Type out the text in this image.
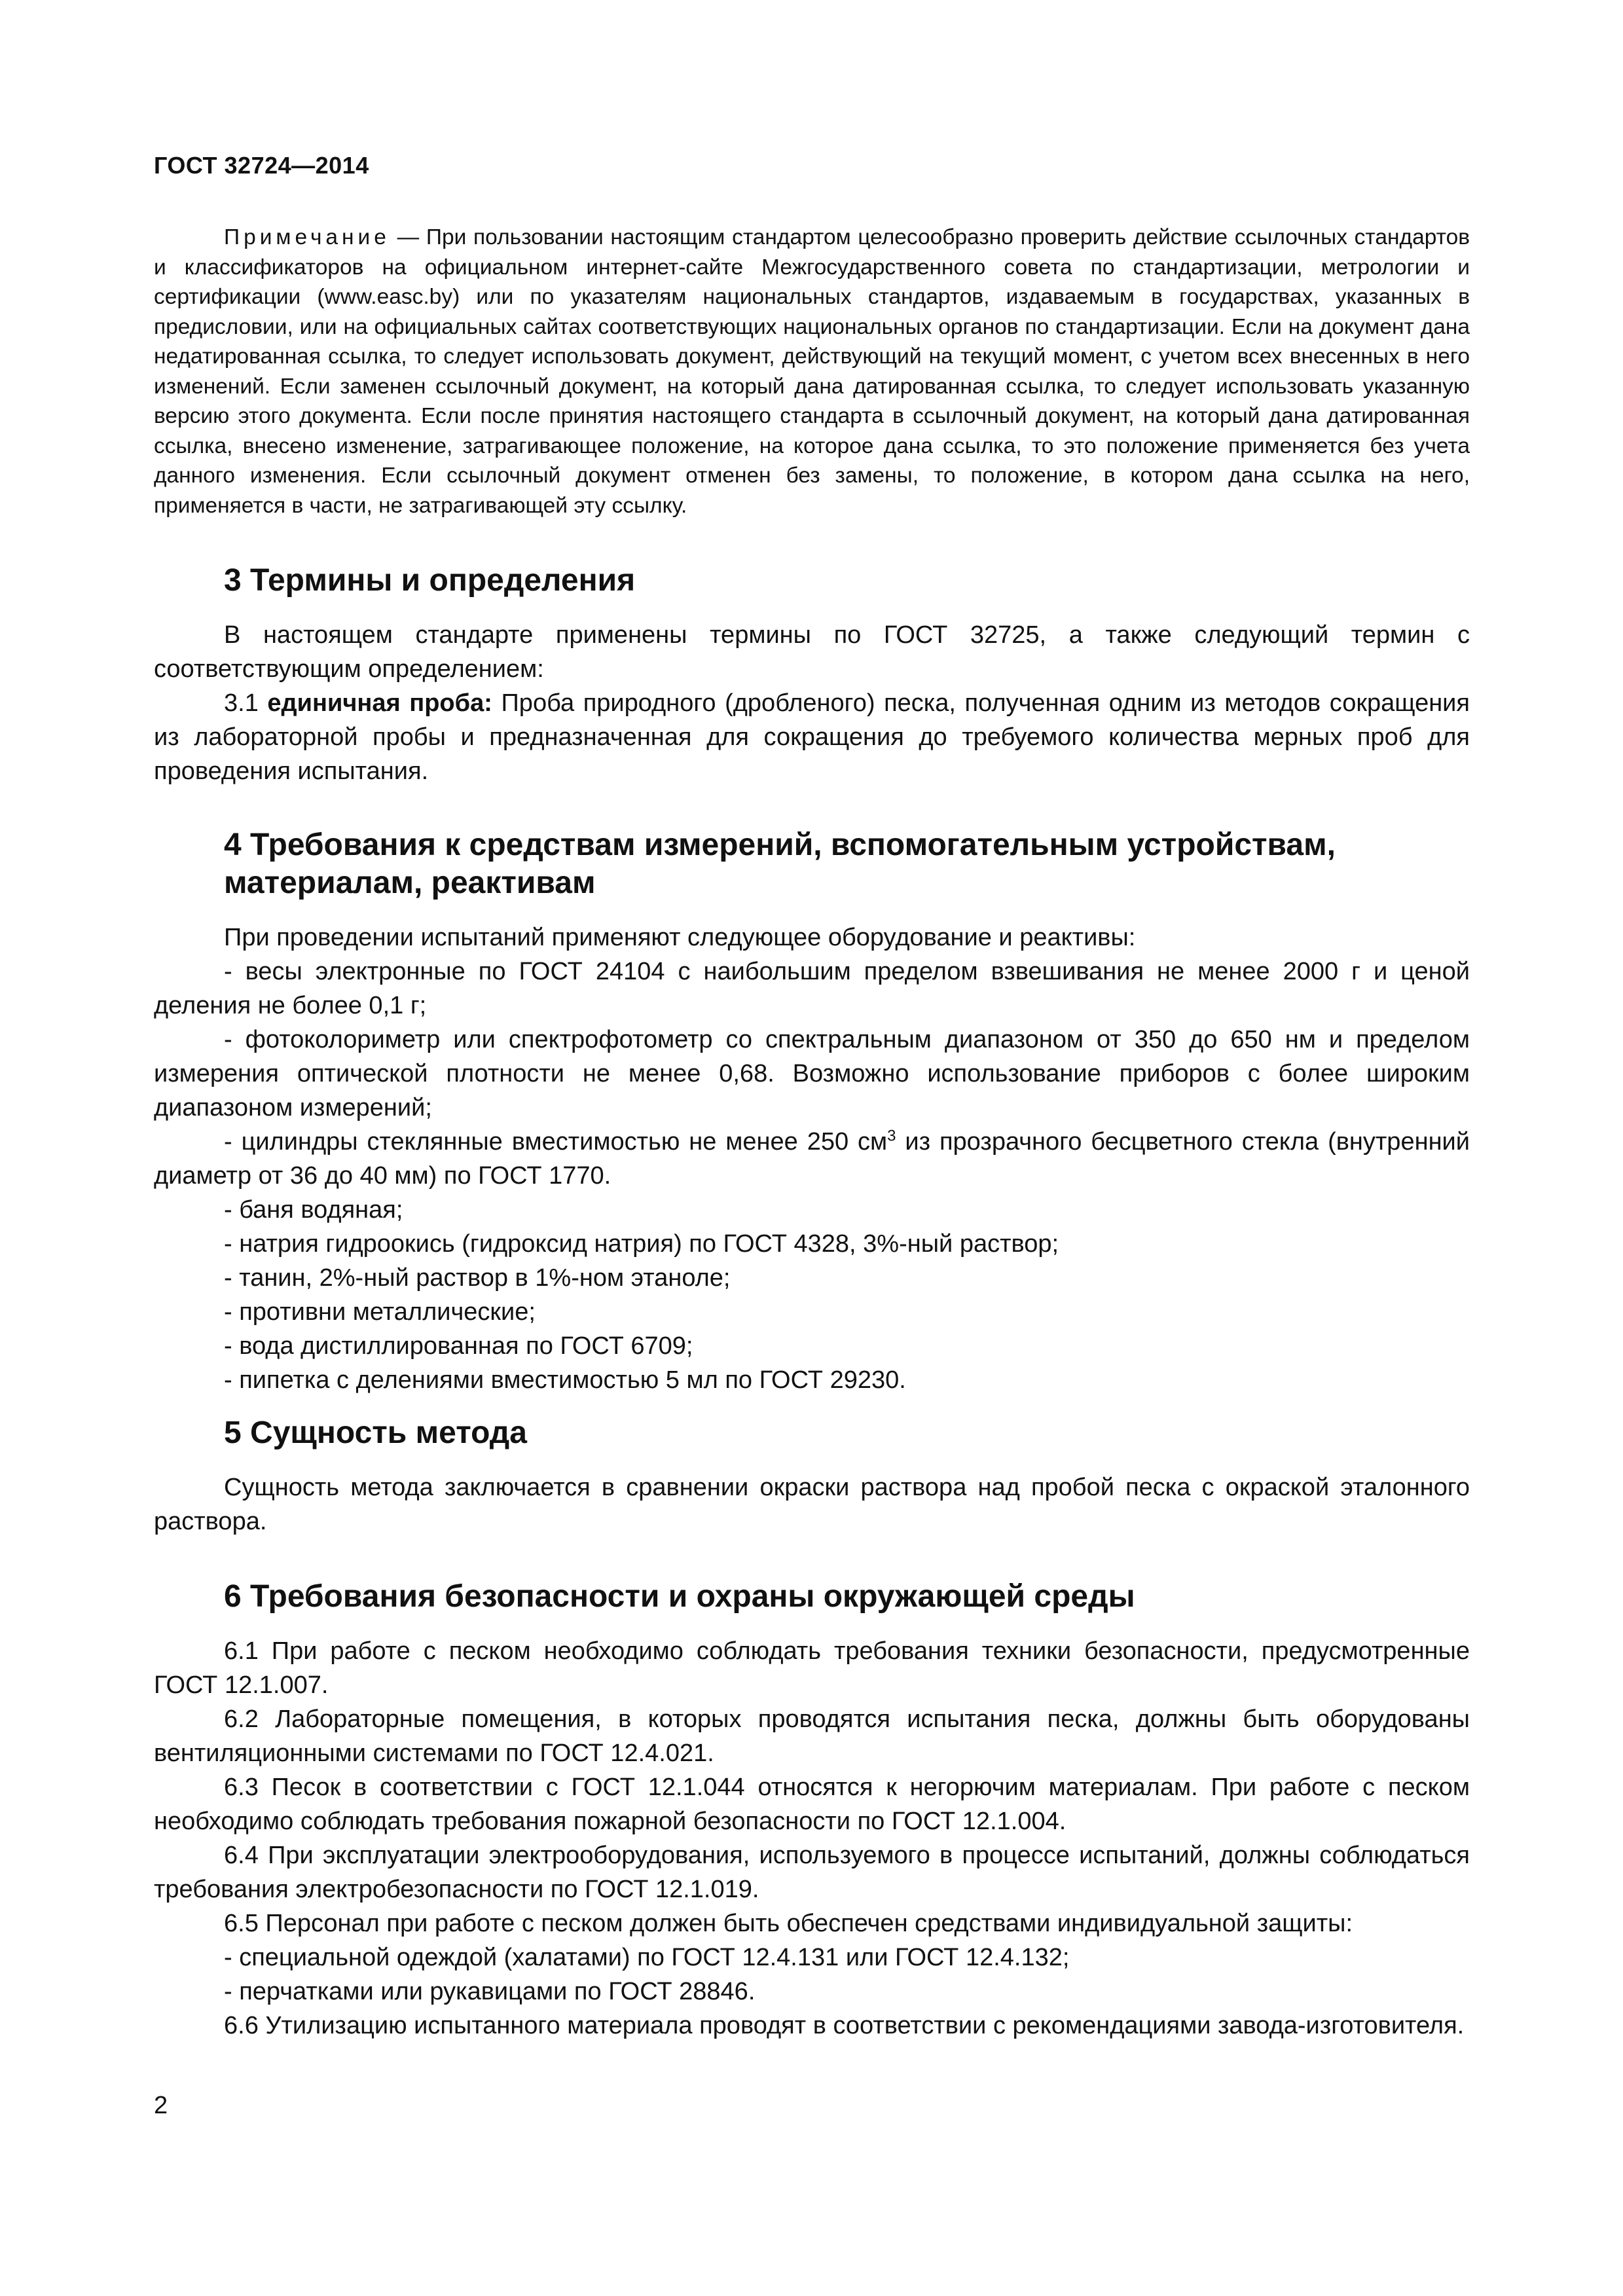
ГОСТ 32724—2014
Примечание — При пользовании настоящим стандартом целесообразно проверить действие ссылочных стандартов и классификаторов на официальном интернет-сайте Межгосударственного совета по стандартизации, метрологии и сертификации (www.easc.by) или по указателям национальных стандартов, издаваемым в государствах, указанных в предисловии, или на официальных сайтах соответствующих национальных органов по стандартизации. Если на документ дана недатированная ссылка, то следует использовать документ, действующий на текущий момент, с учетом всех внесенных в него изменений. Если заменен ссылочный документ, на который дана датированная ссылка, то следует использовать указанную версию этого документа. Если после принятия настоящего стандарта в ссылочный документ, на который дана датированная ссылка, внесено изменение, затрагивающее положение, на которое дана ссылка, то это положение применяется без учета данного изменения. Если ссылочный документ отменен без замены, то положение, в котором дана ссылка на него, применяется в части, не затрагивающей эту ссылку.
3 Термины и определения

В настоящем стандарте применены термины по ГОСТ 32725, а также следующий термин с соответствующим определением:

3.1 единичная проба: Проба природного (дробленого) песка, полученная одним из методов сокращения из лабораторной пробы и предназначенная для сокращения до требуемого количества мерных проб для проведения испытания.

4 Требования к средствам измерений, вспомогательным устройствам, материалам, реактивам

При проведении испытаний применяют следующее оборудование и реактивы:

- весы электронные по ГОСТ 24104 с наибольшим пределом взвешивания не менее 2000 г и ценой деления не более 0,1 г;

- фотоколориметр или спектрофотометр со спектральным диапазоном от 350 до 650 нм и пределом измерения оптической плотности не менее 0,68. Возможно использование приборов с более широким диапазоном измерений;

- цилиндры стеклянные вместимостью не менее 250 $см^3$ из прозрачного бесцветного стекла (внутренний диаметр от 36 до 40 мм) по ГОСТ 1770.

- баня водяная;

- натрия гидроокись (гидроксид натрия) по ГОСТ 4328, 3%-ный раствор;

- танин, 2%-ный раствор в 1%-ном этаноле;

- противни металлические;

- вода дистиллированная по ГОСТ 6709;

- пипетка с делениями вместимостью 5 мл по ГОСТ 29230.

5 Сущность метода

Сущность метода заключается в сравнении окраски раствора над пробой песка с окраской эталонного раствора.

6 Требования безопасности и охраны окружающей среды

6.1 При работе с песком необходимо соблюдать требования техники безопасности, предусмотренные ГОСТ 12.1.007.

6.2 Лабораторные помещения, в которых проводятся испытания песка, должны быть оборудованы вентиляционными системами по ГОСТ 12.4.021.

6.3 Песок в соответствии с ГОСТ 12.1.044 относятся к негорючим материалам. При работе с песком необходимо соблюдать требования пожарной безопасности по ГОСТ 12.1.004.

6.4 При эксплуатации электрооборудования, используемого в процессе испытаний, должны соблюдаться требования электробезопасности по ГОСТ 12.1.019.

6.5 Персонал при работе с песком должен быть обеспечен средствами индивидуальной защиты:

- специальной одеждой (халатами) по ГОСТ 12.4.131 или ГОСТ 12.4.132;

- перчатками или рукавицами по ГОСТ 28846.

6.6 Утилизацию испытанного материала проводят в соответствии с рекомендациями завода-изготовителя.

2
